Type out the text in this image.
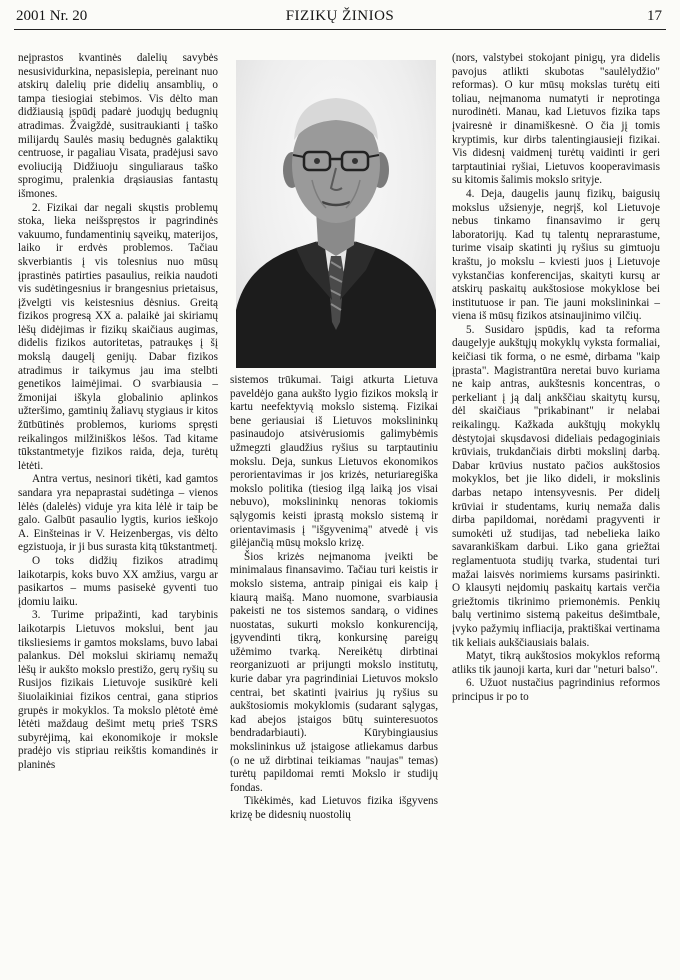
2001 Nr. 20	FIZIKŲ ŽINIOS	17

neįprastos kvantinės dalelių savybės nesusividurkina, nepasislepia, pereinant nuo atskirų dalelių prie didelių ansamblių, o tampa tiesiogiai stebimos. Vis dėlto man didžiausią įspūdį padarė juodųjų bedugnių atradimas. Žvaigždė, susitraukianti į taško milijardų Saulės masių bedugnės galaktikų centruose, ir pagaliau Visata, pradėjusi savo evoliuciją Didžiuoju singuliaraus taško sprogimu, pralenkia drąsiausias fantastų išmones.

2. Fizikai dar negali skųstis problemų stoka, lieka neišspręstos ir pagrindinės vakuumo, fundamentinių sąveikų, materijos, laiko ir erdvės problemos. Tačiau skverbiantis į vis tolesnius nuo mūsų įprastinės patirties pasaulius, reikia naudoti vis sudėtingesnius ir brangesnius prietaisus, įžvelgti vis keistesnius dėsnius. Greitą fizikos progresą XX a. palaikė jai skiriamų lėšų didėjimas ir fizikų skaičiaus augimas, didelis fizikos autoritetas, patraukęs į šį mokslą daugelį genijų. Dabar fizikos atradimus ir taikymus jau ima stelbti genetikos laimėjimai. O svarbiausia – žmonijai iškyla globalinio aplinkos užteršimo, gamtinių žaliavų stygiaus ir kitos žūtbūtinės problemos, kurioms spręsti reikalingos milžiniškos lėšos. Tad kitame tūkstantmetyje fizikos raida, deja, turėtų lėtėti.

Antra vertus, nesinori tikėti, kad gamtos sandara yra nepaprastai sudėtinga – vienos lėlės (dalelės) viduje yra kita lėlė ir taip be galo. Galbūt pasaulio lygtis, kurios ieškojo A. Einšteinas ir V. Heizenbergas, vis dėlto egzistuoja, ir ji bus surasta kitą tūkstantmetį.

O toks didžių fizikos atradimų laikotarpis, koks buvo XX amžius, vargu ar pasikartos – mums pasisekė gyventi tuo įdomiu laiku.

3. Turime pripažinti, kad tarybinis laikotarpis Lietuvos mokslui, bent jau tiksliesiems ir gamtos mokslams, buvo labai palankus. Dėl mokslui skiriamų nemažų lėšų ir aukšto mokslo prestižo, gerų ryšių su Rusijos fizikais Lietuvoje susikūrė keli šiuolaikiniai fizikos centrai, gana stiprios grupės ir mokyklos. Ta mokslo plėtotė ėmė lėtėti maždaug dešimt metų prieš TSRS subyrėjimą, kai ekonomikoje ir moksle pradėjo vis stipriau reikštis komandinės ir planinės

sistemos trūkumai. Taigi atkurta Lietuva paveldėjo gana aukšto lygio fizikos mokslą ir kartu neefektyvią mokslo sistemą. Fizikai bene geriausiai iš Lietuvos mokslininkų pasinaudojo atsivėrusiomis galimybėmis užmegzti glaudžius ryšius su tarptautiniu mokslu. Deja, sunkus Lietuvos ekonomikos perorientavimas ir jos krizės, neturiaregiška mokslo politika (tiesiog ilgą laiką jos visai nebuvo), mokslininkų nenoras tokiomis sąlygomis keisti įprastą mokslo sistemą ir orientavimasis į "išgyvenimą" atvedė į vis gilėjančią mūsų mokslo krizę.

Šios krizės neįmanoma įveikti be minimalaus finansavimo. Tačiau turi keistis ir mokslo sistema, antraip pinigai eis kaip į kiaurą maišą. Mano nuomone, svarbiausia pakeisti ne tos sistemos sandarą, o vidines nuostatas, sukurti mokslo konkurenciją, įgyvendinti tikrą, konkursinę pareigų užėmimo tvarką. Nereikėtų dirbtinai reorganizuoti ar prijungti mokslo institutų, kurie dabar yra pagrindiniai Lietuvos mokslo centrai, bet skatinti įvairius jų ryšius su aukštosiomis mokyklomis (sudarant sąlygas, kad abejos įstaigos būtų suinteresuotos bendradarbiauti). Kūrybingiausius mokslininkus už įstaigose atliekamus darbus (o ne už dirbtinai teikiamas "naujas" temas) turėtų papildomai remti Mokslo ir studijų fondas.

Tikėkimės, kad Lietuvos fizika išgyvens krizę be didesnių nuostolių

(nors, valstybei stokojant pinigų, yra didelis pavojus atlikti skubotas "saulėlydžio" reformas). O kur mūsų mokslas turėtų eiti toliau, neįmanoma numatyti ir neprotinga nurodinėti. Manau, kad Lietuvos fizika taps įvairesnė ir dinamiškesnė. O čia jį tomis kryptimis, kur dirbs talentingiausieji fizikai. Vis didesnį vaidmenį turėtų vaidinti ir geri tarptautiniai ryšiai, Lietuvos kooperavimasis su kitomis šalimis mokslo srityje.

4. Deja, daugelis jaunų fizikų, baigusių mokslus užsienyje, negrįš, kol Lietuvoje nebus tinkamo finansavimo ir gerų laboratorijų. Kad tų talentų neprarastume, turime visaip skatinti jų ryšius su gimtuoju kraštu, jo mokslu – kviesti juos į Lietuvoje vykstančias konferencijas, skaityti kursų ar atskirų paskaitų aukštosiose mokyklose bei institutuose ir pan. Tie jauni mokslininkai – viena iš mūsų fizikos atsinaujinimo vilčių.

5. Susidaro įspūdis, kad ta reforma daugelyje aukštųjų mokyklų vyksta formaliai, keičiasi tik forma, o ne esmė, dirbama "kaip įprasta". Magistrantūra neretai buvo kuriama ne kaip antras, aukštesnis koncentras, o perkeliant į ją dalį ankščiau skaitytų kursų, dėl skaičiaus "prikabinant" ir nelabai reikalingų. Kažkada aukštųjų mokyklų dėstytojai skųsdavosi dideliais pedagoginiais krūviais, trukdančiais dirbti mokslinį darbą. Dabar krūvius nustato pačios aukštosios mokyklos, bet jie liko dideli, ir mokslinis darbas netapo intensyvesnis. Per didelį krūviai ir studentams, kurių nemaža dalis dirba papildomai, norėdami pragyventi ir sumokėti už studijas, tad nebelieka laiko savarankiškam darbui. Liko gana griežtai reglamentuota studijų tvarka, studentai turi mažai laisvės norimiems kursams pasirinkti. O klausyti neįdomių paskaitų kartais verčia griežtomis tikrinimo priemonėmis. Penkių balų vertinimo sistemą pakeitus dešimtbale, įvyko pažymių infliacija, praktiškai vertinama tik keliais aukščiausiais balais.

Matyt, tikrą aukštosios mokyklos reformą atliks tik jaunoji karta, kuri dar "neturi balso".

6. Užuot nustačius pagrindinius reformos principus ir po to
